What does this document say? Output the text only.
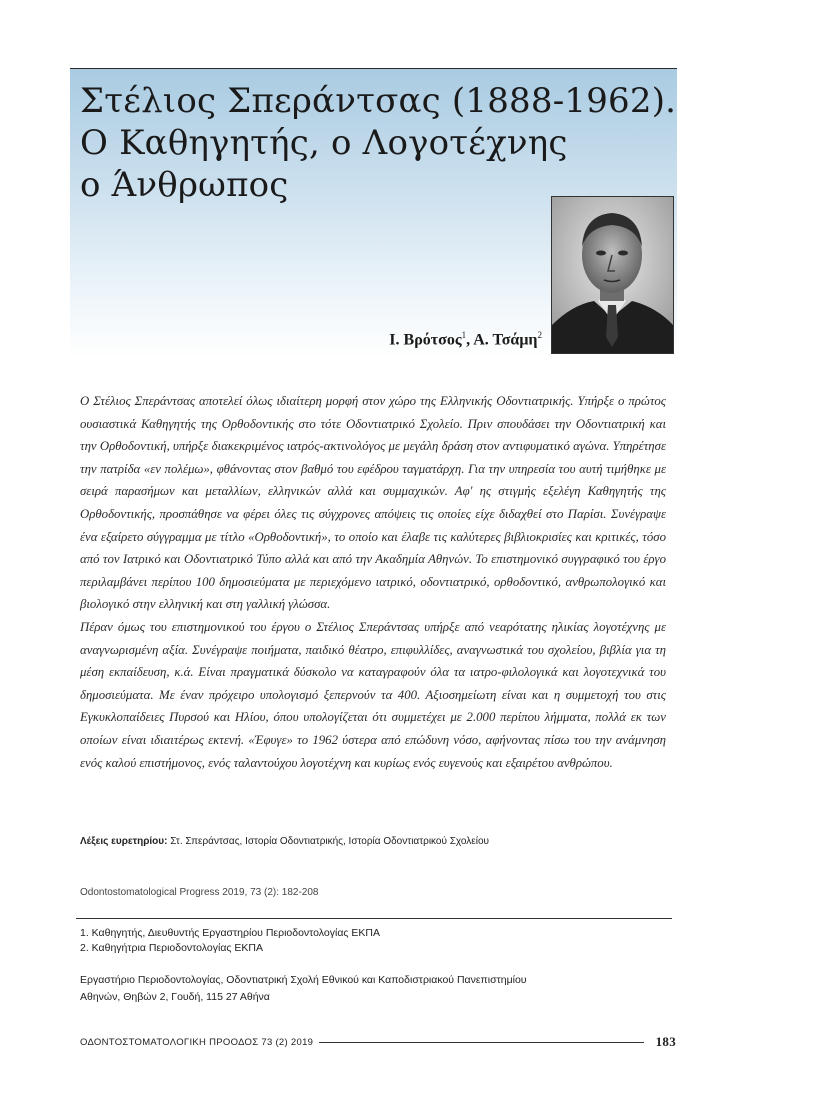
Στέλιος Σπεράντσας (1888-1962).
Ο Καθηγητής, ο Λογοτέχνης
ο Άνθρωπος
Ι. Βρότσος$^1$, Α. Τσάμη$^2$

Ο Στέλιος Σπεράντσας αποτελεί όλως ιδιαίτερη μορφή στον χώρο της Ελληνικής Οδοντιατρικής. Υπήρξε ο πρώτος ουσιαστικά Καθηγητής της Ορθοδοντικής στο τότε Οδοντιατρικό Σχολείο. Πριν σπουδάσει την Οδοντιατρική και την Ορθοδοντική, υπήρξε διακεκριμένος ιατρός-ακτινολόγος με μεγάλη δράση στον αντιφυματικό αγώνα. Υπηρέτησε την πατρίδα «εν πολέμω», φθάνοντας στον βαθμό του εφέδρου ταγματάρχη. Για την υπηρεσία του αυτή τιμήθηκε με σειρά παρασήμων και μεταλλίων, ελληνικών αλλά και συμμαχικών. Αφ' ης στιγμής εξελέγη Καθηγητής της Ορθοδοντικής, προσπάθησε να φέρει όλες τις σύγχρονες απόψεις τις οποίες είχε διδαχθεί στο Παρίσι. Συνέγραψε ένα εξαίρετο σύγγραμμα με τίτλο «Ορθοδοντική», το οποίο και έλαβε τις καλύτερες βιβλιοκρισίες και κριτικές, τόσο από τον Ιατρικό και Οδοντιατρικό Τύπο αλλά και από την Ακαδημία Αθηνών. Το επιστημονικό συγγραφικό του έργο περιλαμβάνει περίπου 100 δημοσιεύματα με περιεχόμενο ιατρικό, οδοντιατρικό, ορθοδοντικό, ανθρωπολογικό και βιολογικό στην ελληνική και στη γαλλική γλώσσα.

Πέραν όμως του επιστημονικού του έργου ο Στέλιος Σπεράντσας υπήρξε από νεαρότατης ηλικίας λογοτέχνης με αναγνωρισμένη αξία. Συνέγραψε ποιήματα, παιδικό θέατρο, επιφυλλίδες, αναγνωστικά του σχολείου, βιβλία για τη μέση εκπαίδευση, κ.ά. Είναι πραγματικά δύσκολο να καταγραφούν όλα τα ιατρο-φιλολογικά και λογοτεχνικά του δημοσιεύματα. Με έναν πρόχειρο υπολογισμό ξεπερνούν τα 400. Αξιοσημείωτη είναι και η συμμετοχή του στις Εγκυκλοπαίδειες Πυρσού και Ηλίου, όπου υπολογίζεται ότι συμμετέχει με 2.000 περίπου λήμματα, πολλά εκ των οποίων είναι ιδιαιτέρως εκτενή. «Έφυγε» το 1962 ύστερα από επώδυνη νόσο, αφήνοντας πίσω του την ανάμνηση ενός καλού επιστήμονος, ενός ταλαντούχου λογοτέχνη και κυρίως ενός ευγενούς και εξαιρέτου ανθρώπου.

Λέξεις ευρετηρίου: Στ. Σπεράντσας, Ιστορία Οδοντιατρικής, Ιστορία Οδοντιατρικού Σχολείου
Odontostomatological Progress 2019, 73 (2): 182-208
1. Καθηγητής, Διευθυντής Εργαστηρίου Περιοδοντολογίας ΕΚΠΑ
2. Καθηγήτρια Περιοδοντολογίας ΕΚΠΑ
Εργαστήριο Περιοδοντολογίας, Οδοντιατρική Σχολή Εθνικού και Καποδιστριακού Πανεπιστημίου
Αθηνών, Θηβών 2, Γουδή, 115 27 Αθήνα
ΟΔΟΝΤΟΣΤΟΜΑΤΟΛΟΓΙΚΗ ΠΡΟΟΔΟΣ 73 (2) 2019	183
